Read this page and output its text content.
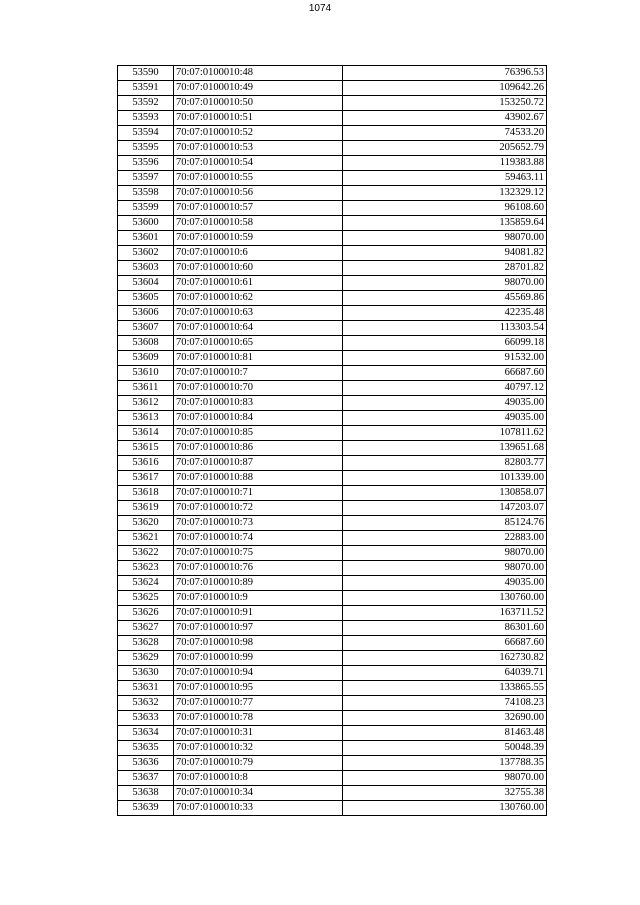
1074
53590	70:07:0100010:48	76396.53
53591	70:07:0100010:49	109642.26
53592	70:07:0100010:50	153250.72
53593	70:07:0100010:51	43902.67
53594	70:07:0100010:52	74533.20
53595	70:07:0100010:53	205652.79
53596	70:07:0100010:54	119383.88
53597	70:07:0100010:55	59463.11
53598	70:07:0100010:56	132329.12
53599	70:07:0100010:57	96108.60
53600	70:07:0100010:58	135859.64
53601	70:07:0100010:59	98070.00
53602	70:07:0100010:6	94081.82
53603	70:07:0100010:60	28701.82
53604	70:07:0100010:61	98070.00
53605	70:07:0100010:62	45569.86
53606	70:07:0100010:63	42235.48
53607	70:07:0100010:64	113303.54
53608	70:07:0100010:65	66099.18
53609	70:07:0100010:81	91532.00
53610	70:07:0100010:7	66687.60
53611	70:07:0100010:70	40797.12
53612	70:07:0100010:83	49035.00
53613	70:07:0100010:84	49035.00
53614	70:07:0100010:85	107811.62
53615	70:07:0100010:86	139651.68
53616	70:07:0100010:87	82803.77
53617	70:07:0100010:88	101339.00
53618	70:07:0100010:71	130858.07
53619	70:07:0100010:72	147203.07
53620	70:07:0100010:73	85124.76
53621	70:07:0100010:74	22883.00
53622	70:07:0100010:75	98070.00
53623	70:07:0100010:76	98070.00
53624	70:07:0100010:89	49035.00
53625	70:07:0100010:9	130760.00
53626	70:07:0100010:91	163711.52
53627	70:07:0100010:97	86301.60
53628	70:07:0100010:98	66687.60
53629	70:07:0100010:99	162730.82
53630	70:07:0100010:94	64039.71
53631	70:07:0100010:95	133865.55
53632	70:07:0100010:77	74108.23
53633	70:07:0100010:78	32690.00
53634	70:07:0100010:31	81463.48
53635	70:07:0100010:32	50048.39
53636	70:07:0100010:79	137788.35
53637	70:07:0100010:8	98070.00
53638	70:07:0100010:34	32755.38
53639	70:07:0100010:33	130760.00
